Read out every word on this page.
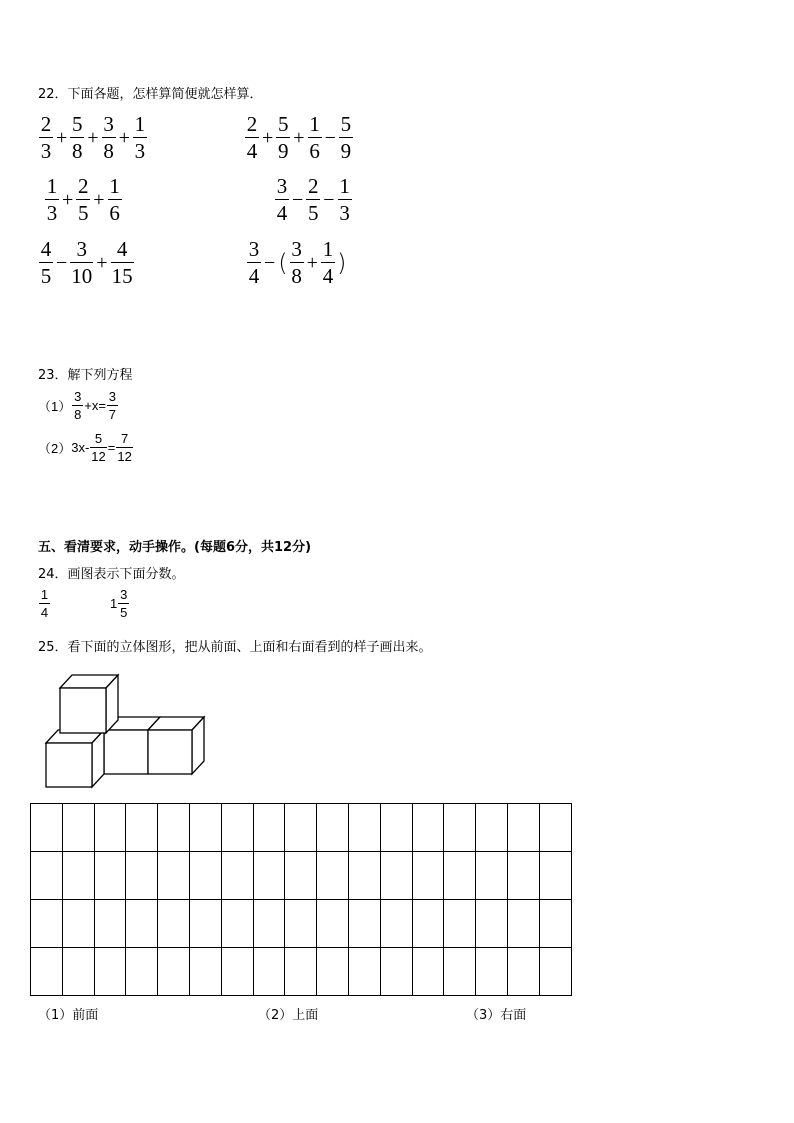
22．下面各题，怎样算简便就怎样算．
$\frac{2}{3} + \frac{5}{8} + \frac{3}{8} + \frac{1}{3}$	$\frac{2}{4} + \frac{5}{9} + \frac{1}{6} - \frac{5}{9}$
$\frac{1}{3} + \frac{2}{5} + \frac{1}{6}$	$\frac{3}{4} - \frac{2}{5} - \frac{1}{3}$
$\frac{4}{5} - \frac{3}{10} + \frac{4}{15}$	$\frac{3}{4}$ − ( $\frac{3}{8} + \frac{1}{4}$ )
23．解下列方程
$(1) \frac{3}{8} +x= \frac{3}{7}$
（2） $3x- \frac{5}{12} = \frac{7}{12}$
五、看清要求，动手操作。(每题6分，共12分)
24．画图表示下面分数。
$\frac{1}{4}$	$1 \frac{3}{5}$
25．看下面的立体图形，把从前面、上面和右面看到的样子画出来。

（1）前面	（2）上面	（3）右面
